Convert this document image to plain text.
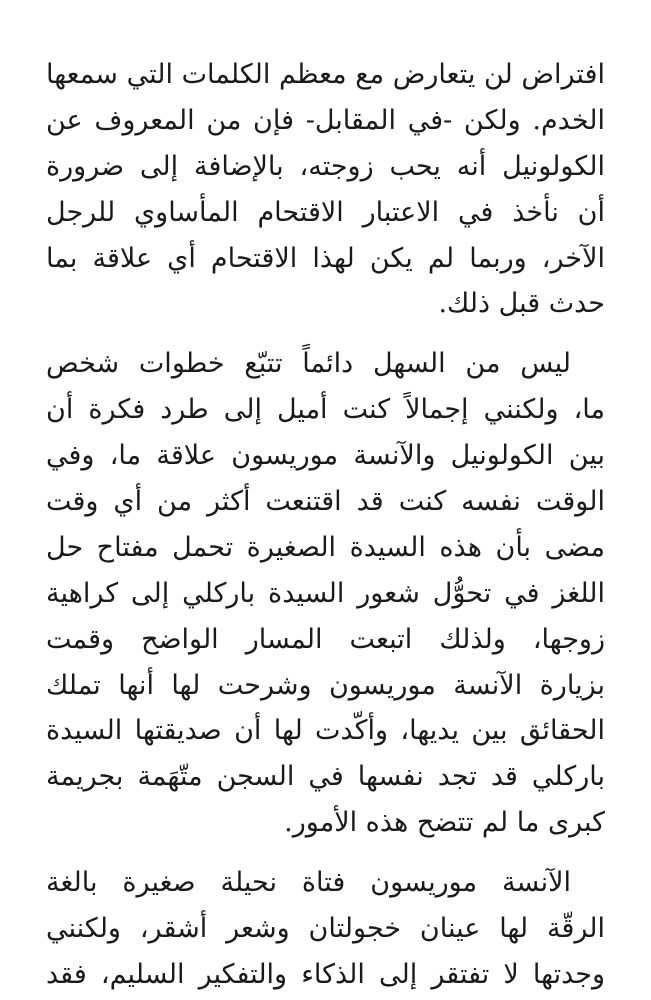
افتراض لن يتعارض مع معظم الكلمات التي سمعها
الخدم. ولكن -في المقابل- فإن من المعروف عن
الكولونيل أنه يحب زوجته، بالإضافة إلى ضرورة
أن نأخذ في الاعتبار الاقتحام المأساوي للرجل
الآخر، وربما لم يكن لهذا الاقتحام أي علاقة بما
حدث قبل ذلك.

ليس من السهل دائماً تتبّع خطوات شخص
ما، ولكنني إجمالاً كنت أميل إلى طرد فكرة أن
بين الكولونيل والآنسة موريسون علاقة ما، وفي
الوقت نفسه كنت قد اقتنعت أكثر من أي وقت
مضى بأن هذه السيدة الصغيرة تحمل مفتاح حل
اللغز في تحوُّل شعور السيدة باركلي إلى كراهية
زوجها، ولذلك اتبعت المسار الواضح وقمت
بزيارة الآنسة موريسون وشرحت لها أنها تملك
الحقائق بين يديها، وأكّدت لها أن صديقتها السيدة
باركلي قد تجد نفسها في السجن متّهَمة بجريمة
كبرى ما لم تتضح هذه الأمور.

الآنسة موريسون فتاة نحيلة صغيرة بالغة
الرقّة لها عينان خجولتان وشعر أشقر، ولكنني
وجدتها لا تفتقر إلى الذكاء والتفكير السليم، فقد
